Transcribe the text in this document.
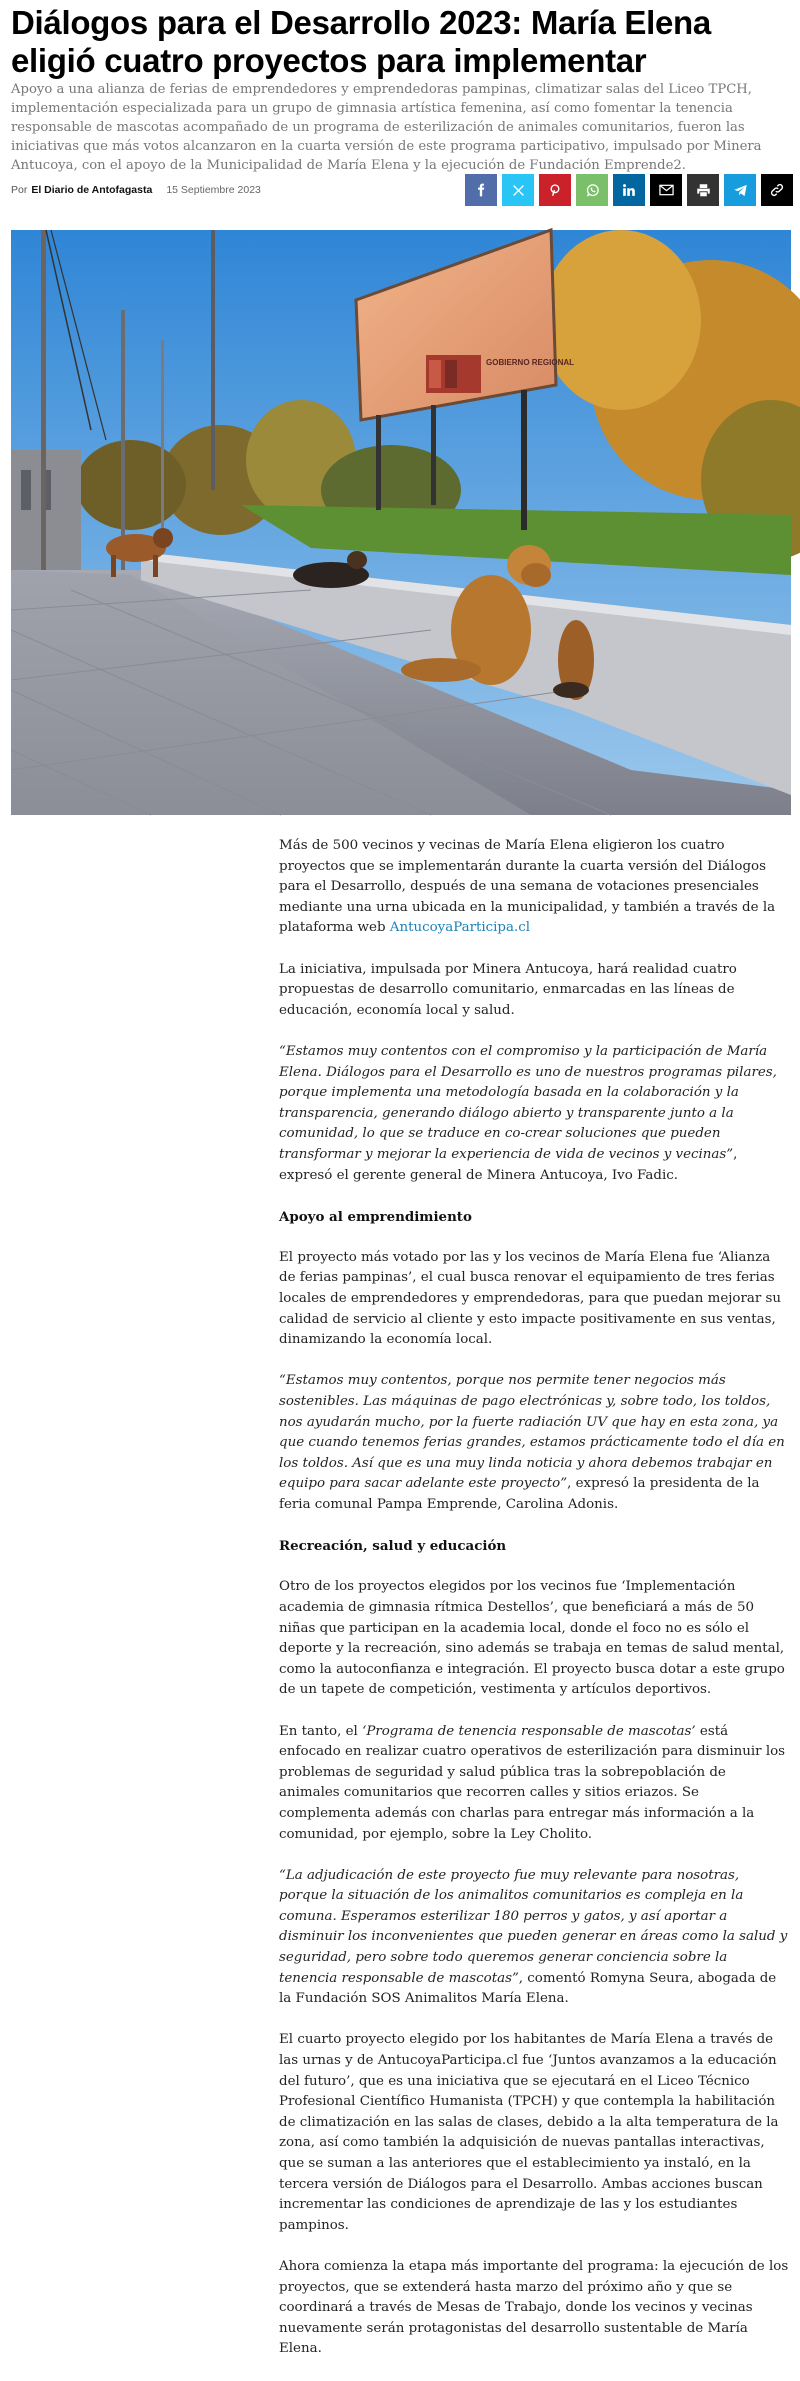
Diálogos para el Desarrollo 2023: María Elena eligió cuatro proyectos para implementar

Apoyo a una alianza de ferias de emprendedores y emprendedoras pampinas, climatizar salas del Liceo TPCH, implementación especializada para un grupo de gimnasia artística femenina, así como fomentar la tenencia responsable de mascotas acompañado de un programa de esterilización de animales comunitarios, fueron las iniciativas que más votos alcanzaron en la cuarta versión de este programa participativo, impulsado por Minera Antucoya, con el apoyo de la Municipalidad de María Elena y la ejecución de Fundación Emprende2.

Por El Diario de Antofagasta 15 Septiembre 2023
GOBIERNO REGIONAL

Más de 500 vecinos y vecinas de María Elena eligieron los cuatro proyectos que se implementarán durante la cuarta versión del Diálogos para el Desarrollo, después de una semana de votaciones presenciales mediante una urna ubicada en la municipalidad, y también a través de la plataforma web AntucoyaParticipa.cl

La iniciativa, impulsada por Minera Antucoya, hará realidad cuatro propuestas de desarrollo comunitario, enmarcadas en las líneas de educación, economía local y salud.

“Estamos muy contentos con el compromiso y la participación de María Elena. Diálogos para el Desarrollo es uno de nuestros programas pilares, porque implementa una metodología basada en la colaboración y la transparencia, generando diálogo abierto y transparente junto a la comunidad, lo que se traduce en co-crear soluciones que pueden transformar y mejorar la experiencia de vida de vecinos y vecinas”, expresó el gerente general de Minera Antucoya, Ivo Fadic.

Apoyo al emprendimiento

El proyecto más votado por las y los vecinos de María Elena fue ‘Alianza de ferias pampinas’, el cual busca renovar el equipamiento de tres ferias locales de emprendedores y emprendedoras, para que puedan mejorar su calidad de servicio al cliente y esto impacte positivamente en sus ventas, dinamizando la economía local.

“Estamos muy contentos, porque nos permite tener negocios más sostenibles. Las máquinas de pago electrónicas y, sobre todo, los toldos, nos ayudarán mucho, por la fuerte radiación UV que hay en esta zona, ya que cuando tenemos ferias grandes, estamos prácticamente todo el día en los toldos. Así que es una muy linda noticia y ahora debemos trabajar en equipo para sacar adelante este proyecto”, expresó la presidenta de la feria comunal Pampa Emprende, Carolina Adonis.

Recreación, salud y educación

Otro de los proyectos elegidos por los vecinos fue ‘Implementación academia de gimnasia rítmica Destellos’, que beneficiará a más de 50 niñas que participan en la academia local, donde el foco no es sólo el deporte y la recreación, sino además se trabaja en temas de salud mental, como la autoconfianza e integración. El proyecto busca dotar a este grupo de un tapete de competición, vestimenta y artículos deportivos.

En tanto, el ‘Programa de tenencia responsable de mascotas’ está enfocado en realizar cuatro operativos de esterilización para disminuir los problemas de seguridad y salud pública tras la sobrepoblación de animales comunitarios que recorren calles y sitios eriazos. Se complementa además con charlas para entregar más información a la comunidad, por ejemplo, sobre la Ley Cholito.

“La adjudicación de este proyecto fue muy relevante para nosotras, porque la situación de los animalitos comunitarios es compleja en la comuna. Esperamos esterilizar 180 perros y gatos, y así aportar a disminuir los inconvenientes que pueden generar en áreas como la salud y seguridad, pero sobre todo queremos generar conciencia sobre la tenencia responsable de mascotas”, comentó Romyna Seura, abogada de la Fundación SOS Animalitos María Elena.

El cuarto proyecto elegido por los habitantes de María Elena a través de las urnas y de AntucoyaParticipa.cl fue ‘Juntos avanzamos a la educación del futuro’, que es una iniciativa que se ejecutará en el Liceo Técnico Profesional Científico Humanista (TPCH) y que contempla la habilitación de climatización en las salas de clases, debido a la alta temperatura de la zona, así como también la adquisición de nuevas pantallas interactivas, que se suman a las anteriores que el establecimiento ya instaló, en la tercera versión de Diálogos para el Desarrollo. Ambas acciones buscan incrementar las condiciones de aprendizaje de las y los estudiantes pampinos.

Ahora comienza la etapa más importante del programa: la ejecución de los proyectos, que se extenderá hasta marzo del próximo año y que se coordinará a través de Mesas de Trabajo, donde los vecinos y vecinas nuevamente serán protagonistas del desarrollo sustentable de María Elena.
